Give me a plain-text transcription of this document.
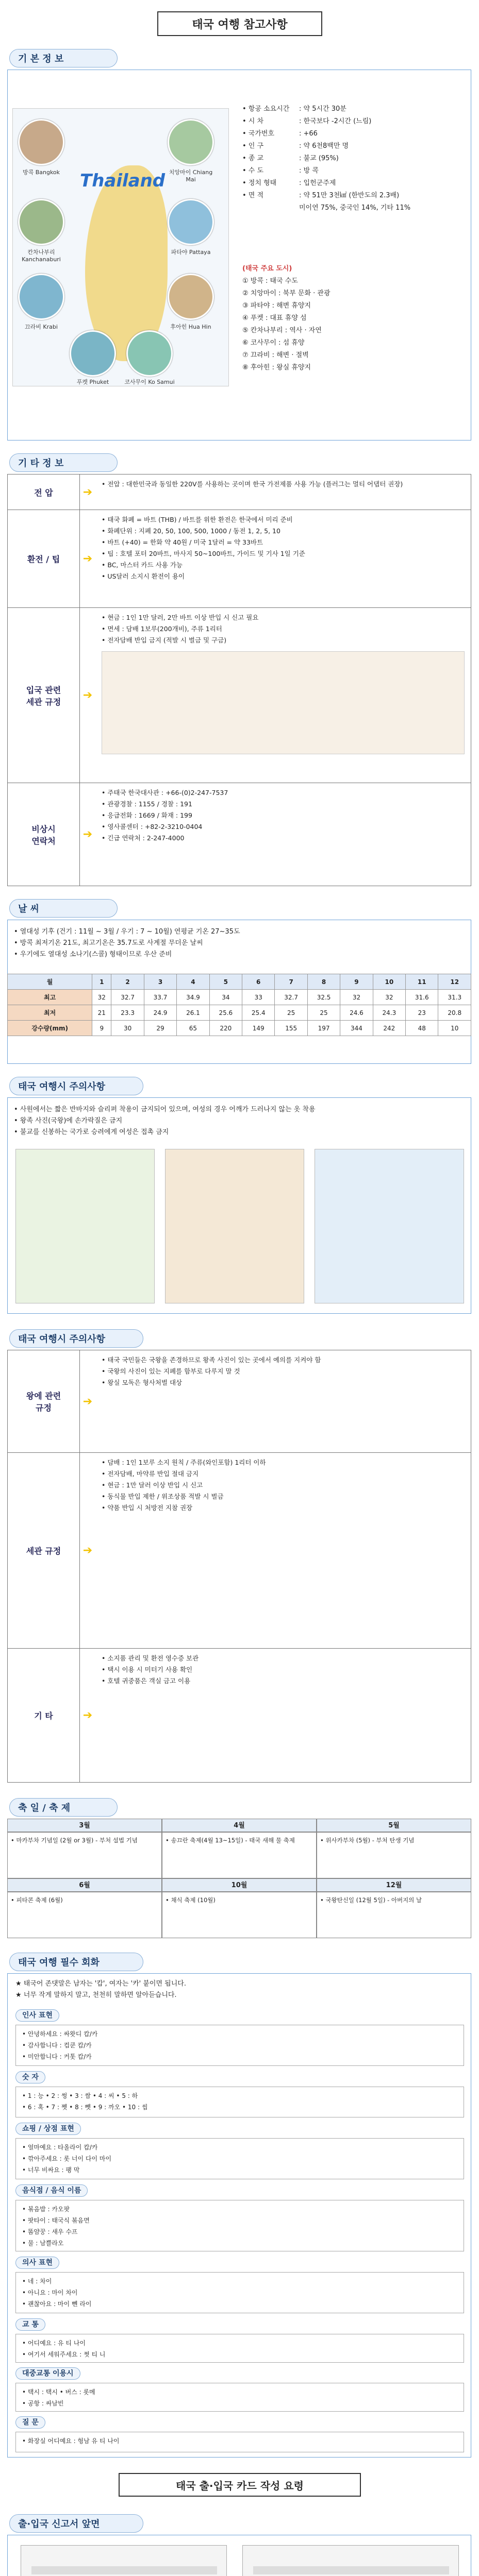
태국 여행 참고사항
기 본 정 보
Thailand
방콕 Bangkok	치앙마이 Chiang Mai
파타야 Pattaya
칸차나부리 Kanchanaburi
끄라비 Krabi	후아힌 Hua Hin
푸켓 Phuket	코사무이 Ko Samui
• 항공 소요시간	: 약 5시간 30분
• 시 차	: 한국보다 -2시간 (느림)
• 국가번호	: +66
• 인 구	: 약 6천8백만 명
• 종 교	: 불교 (95%)
• 수 도	: 방 콕
• 정치 형태	: 입헌군주제
• 면 적	: 약 51만 3천㎢ (한반도의 2.3배)
미이연 75%, 중국인 14%, 기타 11%
(태국 주요 도시)
① 방콕 : 태국 수도
② 치앙마이 : 북부 문화 · 관광
③ 파타야 : 해변 휴양지
④ 푸켓 : 대표 휴양 섬
⑤ 칸차나부리 : 역사 · 자연
⑥ 코사무이 : 섬 휴양
⑦ 끄라비 : 해변 · 절벽
⑧ 후아힌 : 왕실 휴양지
기 타 정 보
전 압	➔
• 전압 : 대한민국과 동일한 220V를 사용하는 곳이며 한국 가전제품 사용 가능 (플러그는 멀티 어댑터 권장)
환전 / 팁	➔
• 태국 화폐 = 바트 (THB) / 바트를 위한 환전은 한국에서 미리 준비
• 화폐단위 : 지폐 20, 50, 100, 500, 1000 / 동전 1, 2, 5, 10
• 바트 (+40) = 한화 약 40원 / 미국 1달러 = 약 33바트
• 팁 : 호텔 포터 20바트, 마사지 50~100바트, 가이드 및 기사 1일 기준
• BC, 마스터 카드 사용 가능
• US달러 소지시 환전이 용이
입국 관련
세관 규정	➔
• 현금 : 1인 1만 달러, 2만 바트 이상 반입 시 신고 필요
• 면세 : 담배 1보루(200개비), 주류 1리터
• 전자담배 반입 금지 (적발 시 벌금 및 구금)
비상시
연락처	➔
• 주태국 한국대사관 : +66-(0)2-247-7537
• 관광경찰 : 1155 / 경찰 : 191
• 응급전화 : 1669 / 화재 : 199
• 영사콜센터 : +82-2-3210-0404
• 긴급 연락처 : 2-247-4000
날 씨
• 열대성 기후 (건기 : 11월 ~ 3월 / 우기 : 7 ~ 10월) 연평균 기온 27~35도
• 방콕 최저기온 21도, 최고기온은 35.7도로 사계절 무더운 날씨
• 우기에도 열대성 소나기(스콜) 형태이므로 우산 준비
월	1	2	3	4	5	6	7	8	9	10	11	12
최고	32	32.7	33.7	34.9	34	33	32.7	32.5	32	32	31.6	31.3
최저	21	23.3	24.9	26.1	25.6	25.4	25	25	24.6	24.3	23	20.8
강수량(mm)	9	30	29	65	220	149	155	197	344	242	48	10
태국 여행시 주의사항
• 사원에서는 짧은 반바지와 슬리퍼 착용이 금지되어 있으며, 여성의 경우 어깨가 드러나지 않는 옷 착용
• 왕족 사진(국왕)에 손가락질은 금지
• 불교를 신봉하는 국가로 승려에게 여성은 접촉 금지
태국 여행시 주의사항
왕에 관련
규정	➔
• 태국 국민들은 국왕을 존경하므로 왕족 사진이 있는 곳에서 예의를 지켜야 함
• 국왕의 사진이 있는 지폐를 함부로 다루지 말 것
• 왕실 모독은 형사처벌 대상
세관 규정	➔
• 담배 : 1인 1보루 소지 원칙 / 주류(와인포함) 1리터 이하
• 전자담배, 마약류 반입 절대 금지
• 현금 : 1만 달러 이상 반입 시 신고
• 동식물 반입 제한 / 위조상품 적발 시 벌금
• 약품 반입 시 처방전 지참 권장
기 타	➔
• 소지품 관리 및 환전 영수증 보관
• 택시 이용 시 미터기 사용 확인
• 호텔 귀중품은 객실 금고 이용
축 일 / 축 제
3월	4월	5월
• 마카부차 기념일 (2월 or 3월) - 부처 설법 기념	• 송끄란 축제(4월 13~15일) - 태국 새해 물 축제	• 위사카부차 (5월) - 부처 탄생 기념
6월	10월	12월
• 피타콘 축제 (6월)	• 채식 축제 (10월)	• 국왕탄신일 (12월 5일) - 아버지의 날
태국 여행 필수 회화
★ 태국어 존댓말은 남자는 '캅', 여자는 '카' 붙이면 됩니다.
★ 너무 작게 말하지 말고, 천천히 말하면 알아듣습니다.
인사 표현
• 안녕하세요 : 싸왓디 캅/카
• 감사합니다 : 컵쿤 캅/카
• 미안합니다 : 커톳 캅/카
숫 자
• 1 : 능 • 2 : 썽 • 3 : 쌈 • 4 : 씨 • 5 : 하
• 6 : 혹 • 7 : 쩻 • 8 : 뺏 • 9 : 까오 • 10 : 씹
쇼핑 / 상점 표현
• 얼마예요 : 타올라이 캅/카
• 깎아주세요 : 롯 너이 다이 마이
• 너무 비싸요 : 팽 막
음식점 / 음식 이름
• 볶음밥 : 카오팟
• 팟타이 : 태국식 볶음면
• 똠얌꿍 : 새우 수프
• 물 : 남쁠라오
의사 표현
• 네 : 차이
• 아니요 : 마이 차이
• 괜찮아요 : 마이 뻰 라이
교 통
• 어디예요 : 유 티 나이
• 여기서 세워주세요 : 쩟 티 니
대중교통 이용시
• 택시 : 택시 • 버스 : 롯메
• 공항 : 싸남빈
질 문
• 화장실 어디예요 : 헝남 유 티 나이
태국 출·입국 카드 작성 요령
출·입국 신고서 앞면
